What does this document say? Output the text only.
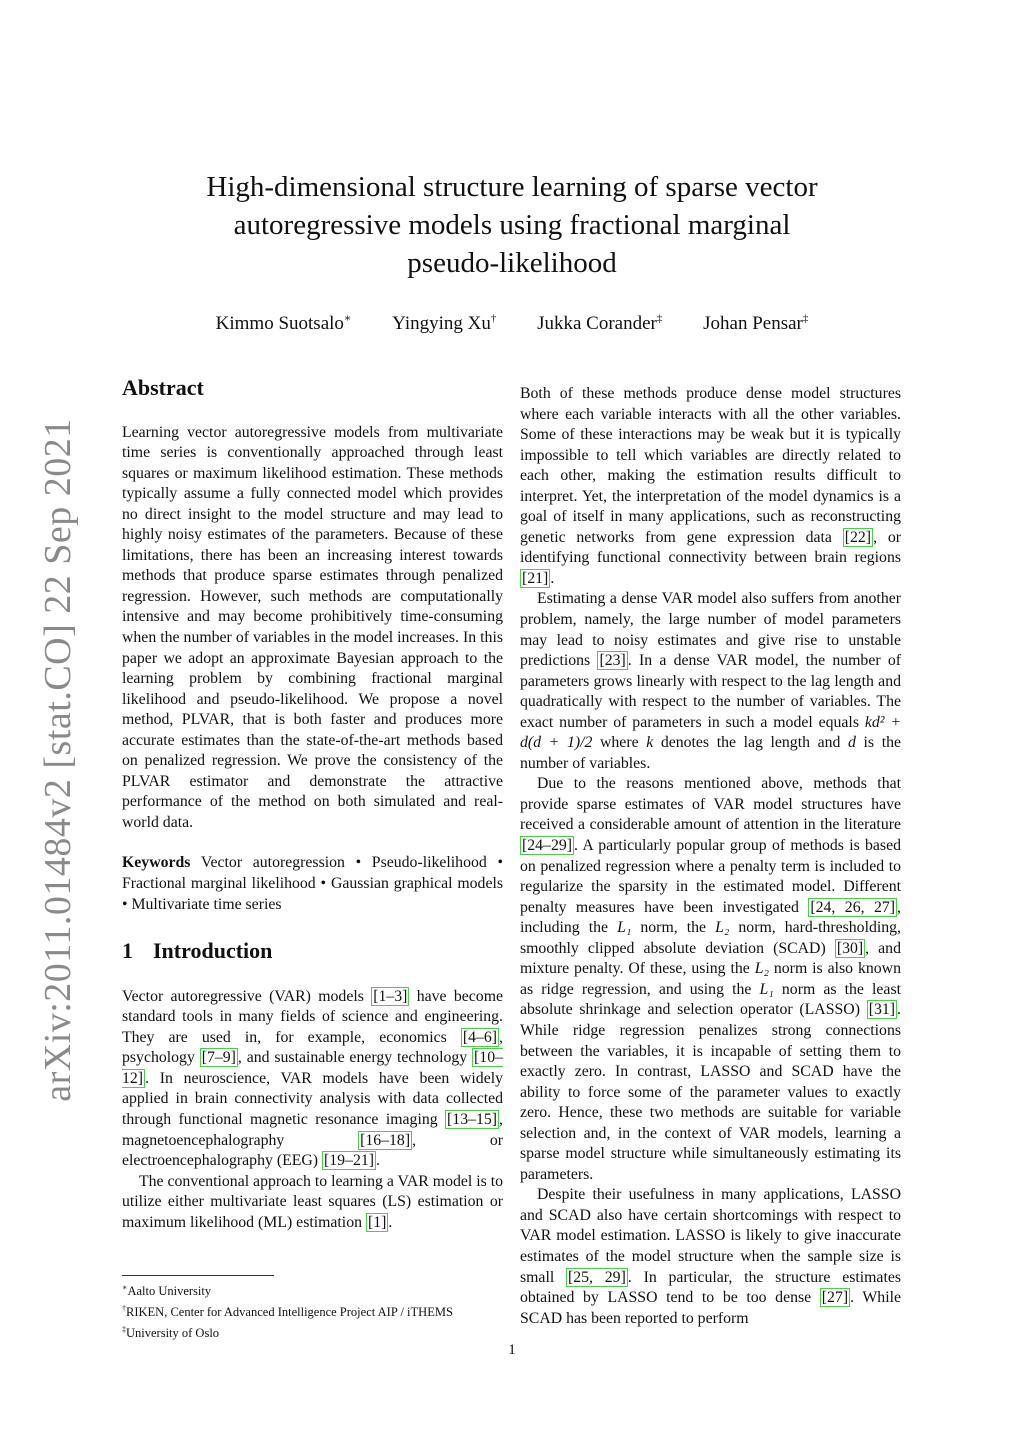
arXiv:2011.01484v2 [stat.CO] 22 Sep 2021
High-dimensional structure learning of sparse vector
autoregressive models using fractional marginal
pseudo-likelihood
Kimmo Suotsalo∗ Yingying Xu† Jukka Corander‡ Johan Pensar‡
Abstract

Learning vector autoregressive models from multivariate time series is conventionally approached through least squares or maximum likelihood estimation. These methods typically assume a fully connected model which provides no direct insight to the model structure and may lead to highly noisy estimates of the parameters. Because of these limitations, there has been an increasing interest towards methods that produce sparse estimates through penalized regression. However, such methods are computationally intensive and may become prohibitively time-consuming when the number of variables in the model increases. In this paper we adopt an approximate Bayesian approach to the learning problem by combining fractional marginal likelihood and pseudo-likelihood. We propose a novel method, PLVAR, that is both faster and produces more accurate estimates than the state-of-the-art methods based on penalized regression. We prove the consistency of the PLVAR estimator and demonstrate the attractive performance of the method on both simulated and real-world data.

Keywords Vector autoregression • Pseudo-likelihood • Fractional marginal likelihood • Gaussian graphical models • Multivariate time series

1 Introduction

Vector autoregressive (VAR) models [1–3] have become standard tools in many fields of science and engineering. They are used in, for example, economics [4–6] , psychology [7–9] , and sustainable energy technology [10–12] . In neuroscience, VAR models have been widely applied in brain connectivity analysis with data collected through functional magnetic resonance imaging [13–15] , magnetoencephalography [16–18] , or electroencephalography (EEG) [19–21] .

The conventional approach to learning a VAR model is to utilize either multivariate least squares (LS) estimation or maximum likelihood (ML) estimation [1] .

∗Aalto University
†RIKEN, Center for Advanced Intelligence Project AIP / iTHEMS
‡University of Oslo

Both of these methods produce dense model structures where each variable interacts with all the other variables. Some of these interactions may be weak but it is typically impossible to tell which variables are directly related to each other, making the estimation results difficult to interpret. Yet, the interpretation of the model dynamics is a goal of itself in many applications, such as reconstructing genetic networks from gene expression data [22] , or identifying functional connectivity between brain regions [21] .

Estimating a dense VAR model also suffers from another problem, namely, the large number of model parameters may lead to noisy estimates and give rise to unstable predictions [23] . In a dense VAR model, the number of parameters grows linearly with respect to the lag length and quadratically with respect to the number of variables. The exact number of parameters in such a model equals kd² + d(d + 1)/2 where k denotes the lag length and d is the number of variables.

Due to the reasons mentioned above, methods that provide sparse estimates of VAR model structures have received a considerable amount of attention in the literature [24–29] . A particularly popular group of methods is based on penalized regression where a penalty term is included to regularize the sparsity in the estimated model. Different penalty measures have been investigated [24, 26, 27] , including the L₁ norm, the L₂ norm, hard-thresholding, smoothly clipped absolute deviation (SCAD) [30] , and mixture penalty. Of these, using the L₂ norm is also known as ridge regression, and using the L₁ norm as the least absolute shrinkage and selection operator (LASSO) [31] . While ridge regression penalizes strong connections between the variables, it is incapable of setting them to exactly zero. In contrast, LASSO and SCAD have the ability to force some of the parameter values to exactly zero. Hence, these two methods are suitable for variable selection and, in the context of VAR models, learning a sparse model structure while simultaneously estimating its parameters.

Despite their usefulness in many applications, LASSO and SCAD also have certain shortcomings with respect to VAR model estimation. LASSO is likely to give inaccurate estimates of the model structure when the sample size is small [25, 29] . In particular, the structure estimates obtained by LASSO tend to be too dense [27] . While SCAD has been reported to perform

1
